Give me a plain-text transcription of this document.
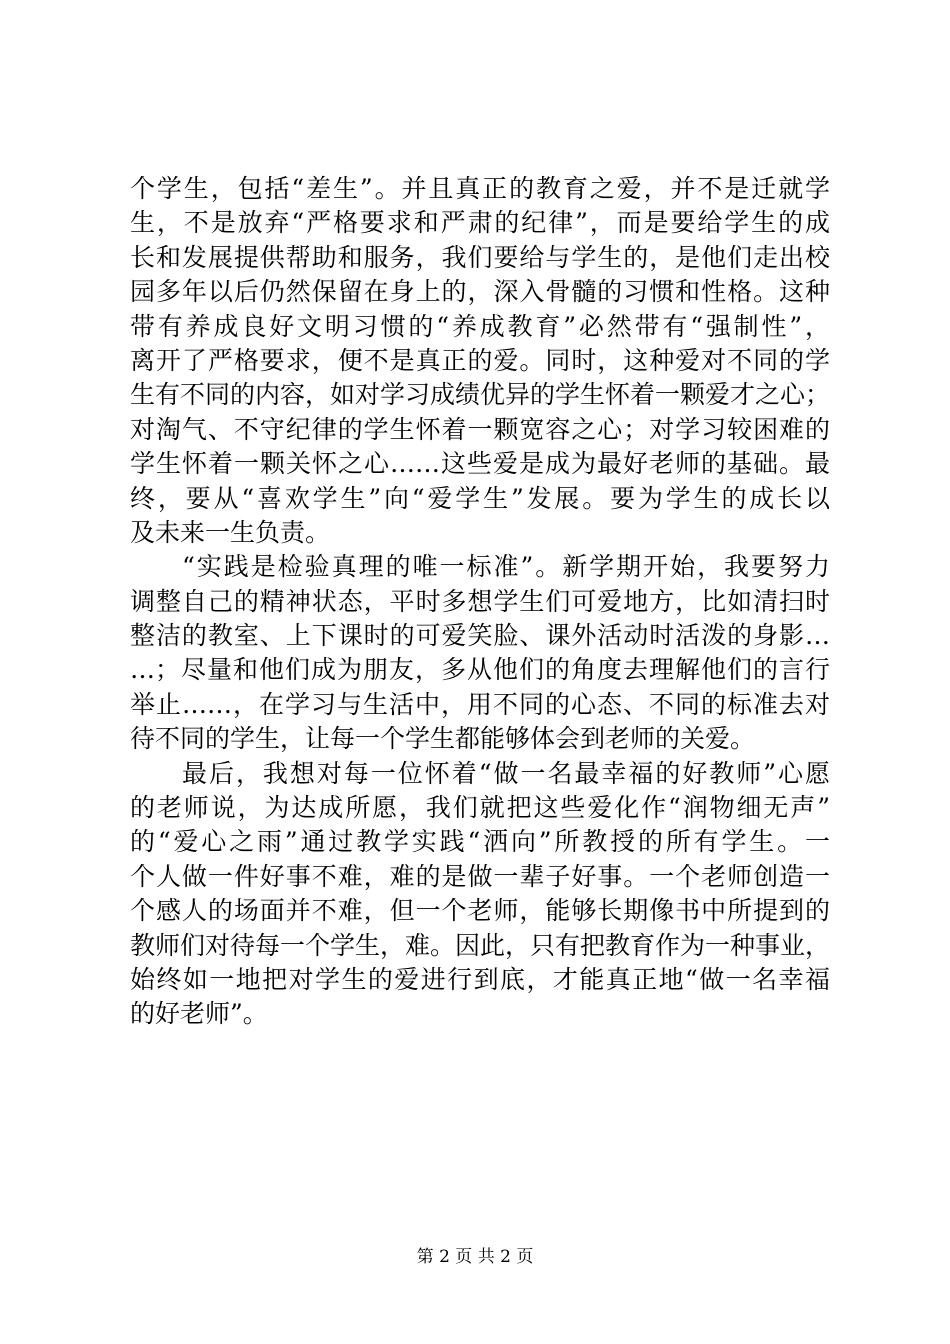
个学生，包括“差生”。并且真正的教育之爱，并不是迁就学
生，不是放弃“严格要求和严肃的纪律”，而是要给学生的成
长和发展提供帮助和服务，我们要给与学生的，是他们走出校
园多年以后仍然保留在身上的，深入骨髓的习惯和性格。这种
带有养成良好文明习惯的“养成教育”必然带有“强制性”，
离开了严格要求，便不是真正的爱。同时，这种爱对不同的学
生有不同的内容，如对学习成绩优异的学生怀着一颗爱才之心；
对淘气、不守纪律的学生怀着一颗宽容之心；对学习较困难的
学生怀着一颗关怀之心……这些爱是成为最好老师的基础。最
终，要从“喜欢学生”向“爱学生”发展。要为学生的成长以
及未来一生负责。
“实践是检验真理的唯一标准”。新学期开始，我要努力
调整自己的精神状态，平时多想学生们可爱地方，比如清扫时
整洁的教室、上下课时的可爱笑脸、课外活动时活泼的身影…
…；尽量和他们成为朋友，多从他们的角度去理解他们的言行
举止……，在学习与生活中，用不同的心态、不同的标准去对
待不同的学生，让每一个学生都能够体会到老师的关爱。
最后，我想对每一位怀着“做一名最幸福的好教师”心愿
的老师说，为达成所愿，我们就把这些爱化作“润物细无声”
的“爱心之雨”通过教学实践“洒向”所教授的所有学生。一
个人做一件好事不难，难的是做一辈子好事。一个老师创造一
个感人的场面并不难，但一个老师，能够长期像书中所提到的
教师们对待每一个学生，难。因此，只有把教育作为一种事业，
始终如一地把对学生的爱进行到底，才能真正地“做一名幸福
的好老师”。
第 2 页 共 2 页
